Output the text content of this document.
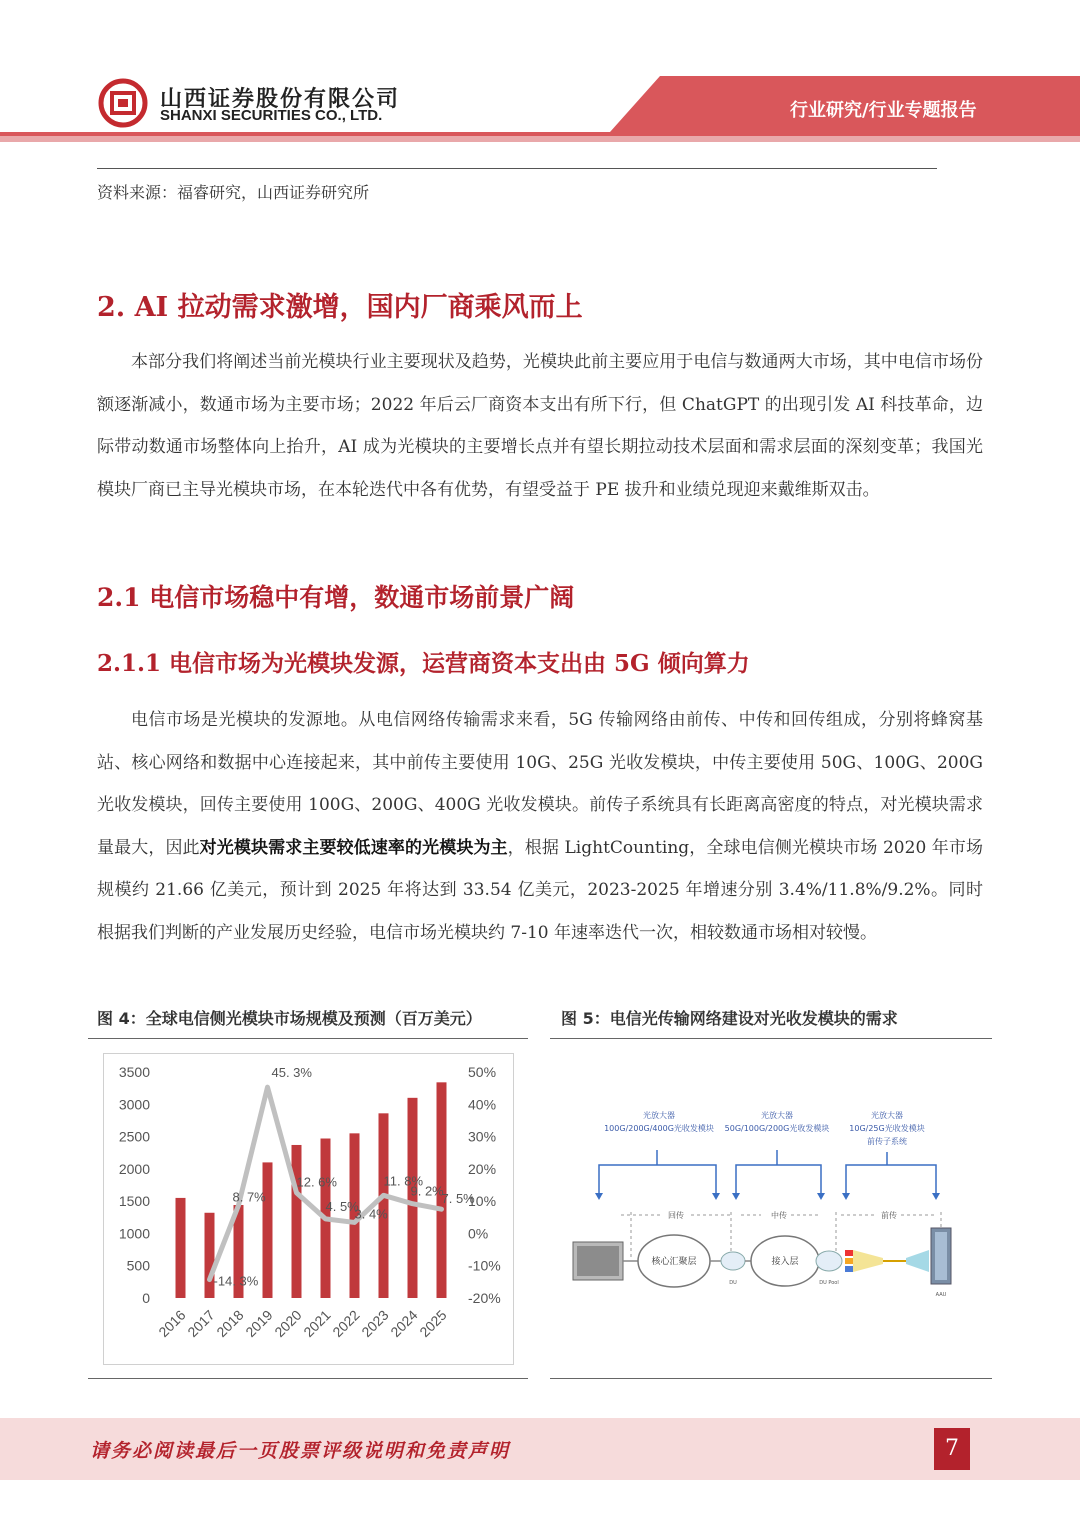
山西证券股份有限公司
SHANXI SECURITIES CO., LTD.	行业研究/行业专题报告
资料来源：福睿研究，山西证券研究所
2. AI 拉动需求激增，国内厂商乘风而上
本部分我们将阐述当前光模块行业主要现状及趋势，光模块此前主要应用于电信与数通两大市场，其中电信市场份额逐渐减小，数通市场为主要市场；2022 年后云厂商资本支出有所下行，但 ChatGPT 的出现引发 AI 科技革命，边际带动数通市场整体向上抬升，AI 成为光模块的主要增长点并有望长期拉动技术层面和需求层面的深刻变革；我国光模块厂商已主导光模块市场，在本轮迭代中各有优势，有望受益于 PE 拔升和业绩兑现迎来戴维斯双击。
2.1 电信市场稳中有增，数通市场前景广阔
2.1.1 电信市场为光模块发源，运营商资本支出由 5G 倾向算力
电信市场是光模块的发源地。从电信网络传输需求来看，5G 传输网络由前传、中传和回传组成，分别将蜂窝基站、核心网络和数据中心连接起来，其中前传主要使用 10G、25G 光收发模块，中传主要使用 50G、100G、200G 光收发模块，回传主要使用 100G、200G、400G 光收发模块。前传子系统具有长距离高密度的特点，对光模块需求量最大，因此对光模块需求主要较低速率的光模块为主，根据 LightCounting，全球电信侧光模块市场 2020 年市场规模约 21.66 亿美元，预计到 2025 年将达到 33.54 亿美元，2023-2025 年增速分别 3.4%/11.8%/9.2%。同时根据我们判断的产业发展历史经验，电信市场光模块约 7-10 年速率迭代一次，相较数通市场相对较慢。
图 4：全球电信侧光模块市场规模及预测（百万美元）	图 5：电信光传输网络建设对光收发模块的需求
0
500
1000
1500
2000
2500
3000
3500
-20%
-10%
0%
10%
20%
30%
40%
50%
-14. 3%
8. 7%
45. 3%
12. 6%
4. 5%
3. 4%
11. 8%
9. 2%
7. 5%
2016
2017
2018
2019
2020
2021
2022
2023
2024
2025
光放大器
100G/200G/400G光收发模块
光放大器
50G/100G/200G光收发模块
光放大器
10G/25G光收发模块
前传子系统
回传	中传	前传
核心汇聚层
DU
接入层
DU Pool
AAU
请务必阅读最后一页股票评级说明和免责声明	7
